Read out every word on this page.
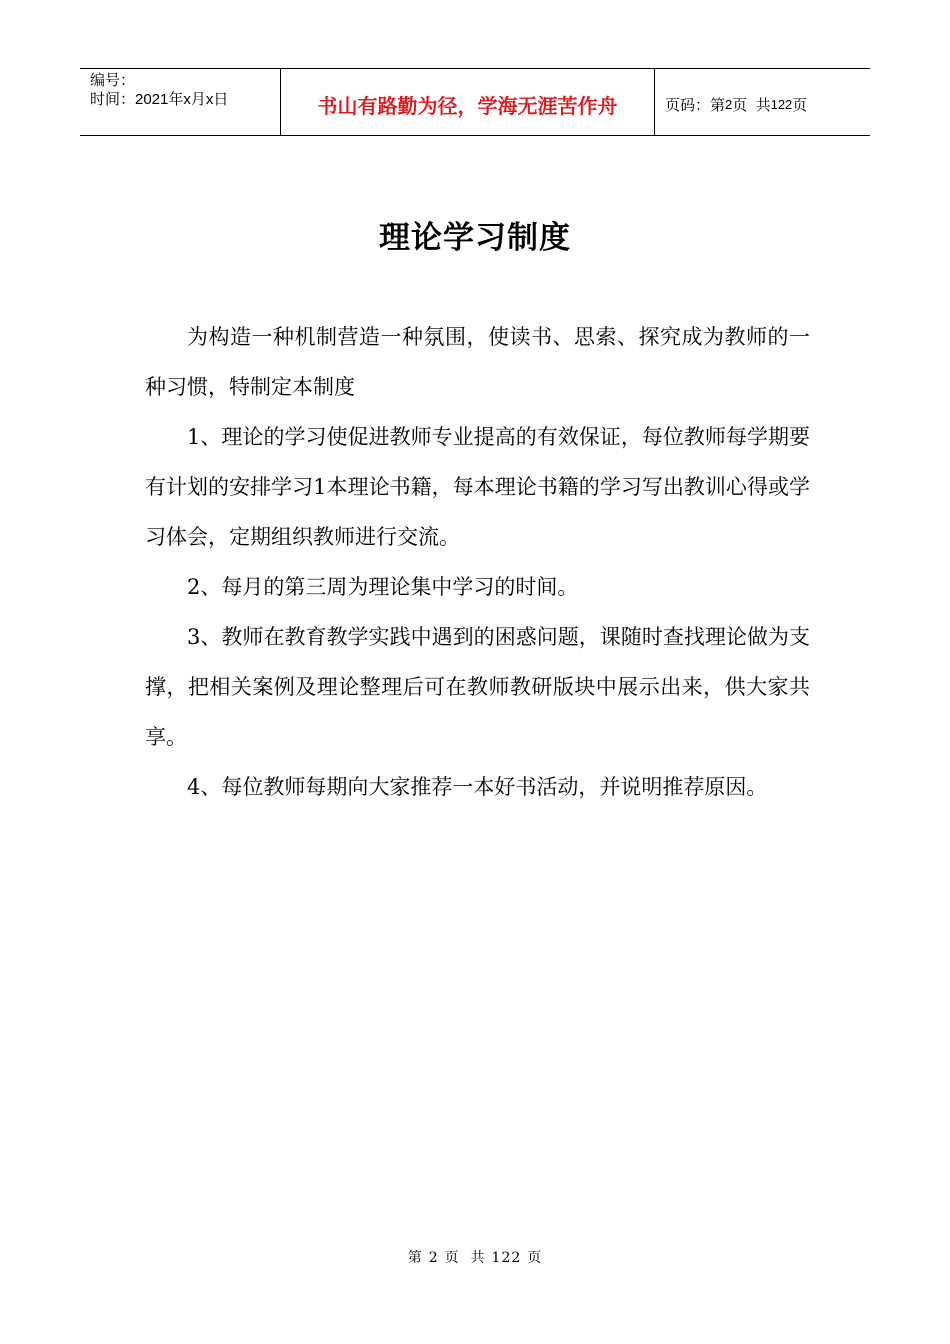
编号：
时间：2021年x月x日	书山有路勤为径，学海无涯苦作舟	页码：第 2 页  共 122 页
理论学习制度

为构造一种机制营造一种氛围，使读书、思索、探究成为教师的一种习惯，特制定本制度

1、理论的学习使促进教师专业提高的有效保证，每位教师每学期要有计划的安排学习1本理论书籍，每本理论书籍的学习写出教训心得或学习体会，定期组织教师进行交流。

2、每月的第三周为理论集中学习的时间。

3、教师在教育教学实践中遇到的困惑问题，课随时查找理论做为支撑，把相关案例及理论整理后可在教师教研版块中展示出来，供大家共享。

4、每位教师每期向大家推荐一本好书活动，并说明推荐原因。

第 2 页  共 122 页
